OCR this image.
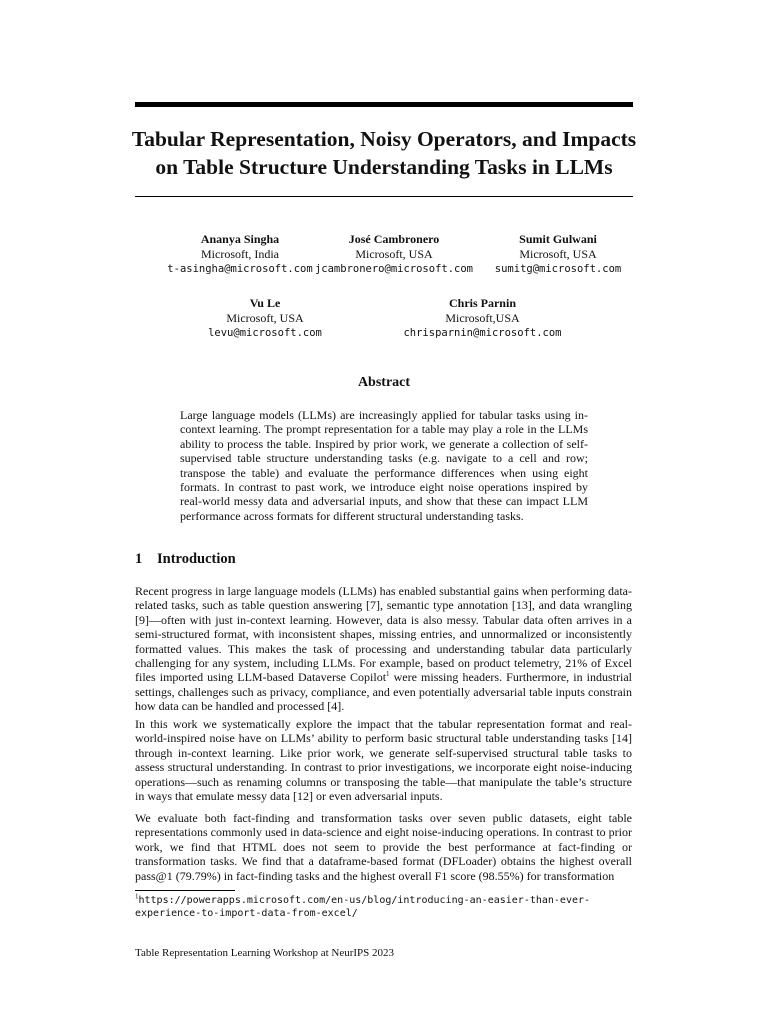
Tabular Representation, Noisy Operators, and Impacts
on Table Structure Understanding Tasks in LLMs
Ananya Singha
Microsoft, India
t-asingha@microsoft.com
José Cambronero
Microsoft, USA
jcambronero@microsoft.com
Sumit Gulwani
Microsoft, USA
sumitg@microsoft.com
Vu Le
Microsoft, USA
levu@microsoft.com
Chris Parnin
Microsoft,USA
chrisparnin@microsoft.com
Abstract

Large language models (LLMs) are increasingly applied for tabular tasks using in-context learning. The prompt representation for a table may play a role in the LLMs ability to process the table. Inspired by prior work, we generate a collection of self-supervised table structure understanding tasks (e.g. navigate to a cell and row; transpose the table) and evaluate the performance differences when using eight formats. In contrast to past work, we introduce eight noise operations inspired by real-world messy data and adversarial inputs, and show that these can impact LLM performance across formats for different structural understanding tasks.

1 Introduction

Recent progress in large language models (LLMs) has enabled substantial gains when performing data-related tasks, such as table question answering [7], semantic type annotation [13], and data wrangling [9]—often with just in-context learning. However, data is also messy. Tabular data often arrives in a semi-structured format, with inconsistent shapes, missing entries, and unnormalized or inconsistently formatted values. This makes the task of processing and understanding tabular data particularly challenging for any system, including LLMs. For example, based on product telemetry, 21% of Excel files imported using LLM-based Dataverse Copilot$^1$ were missing headers. Furthermore, in industrial settings, challenges such as privacy, compliance, and even potentially adversarial table inputs constrain how data can be handled and processed [4].

In this work we systematically explore the impact that the tabular representation format and real-world-inspired noise have on LLMs’ ability to perform basic structural table understanding tasks [14] through in-context learning. Like prior work, we generate self-supervised structural table tasks to assess structural understanding. In contrast to prior investigations, we incorporate eight noise-inducing operations—such as renaming columns or transposing the table—that manipulate the table’s structure in ways that emulate messy data [12] or even adversarial inputs.

We evaluate both fact-finding and transformation tasks over seven public datasets, eight table representations commonly used in data-science and eight noise-inducing operations. In contrast to prior work, we find that HTML does not seem to provide the best performance at fact-finding or transformation tasks. We find that a dataframe-based format (DFLoader) obtains the highest overall pass@1 (79.79%) in fact-finding tasks and the highest overall F1 score (98.55%) for transformation

$^1$https://powerapps.microsoft.com/en-us/blog/introducing-an-easier-than-ever-experience-to-import-data-from-excel/

Table Representation Learning Workshop at NeurIPS 2023
